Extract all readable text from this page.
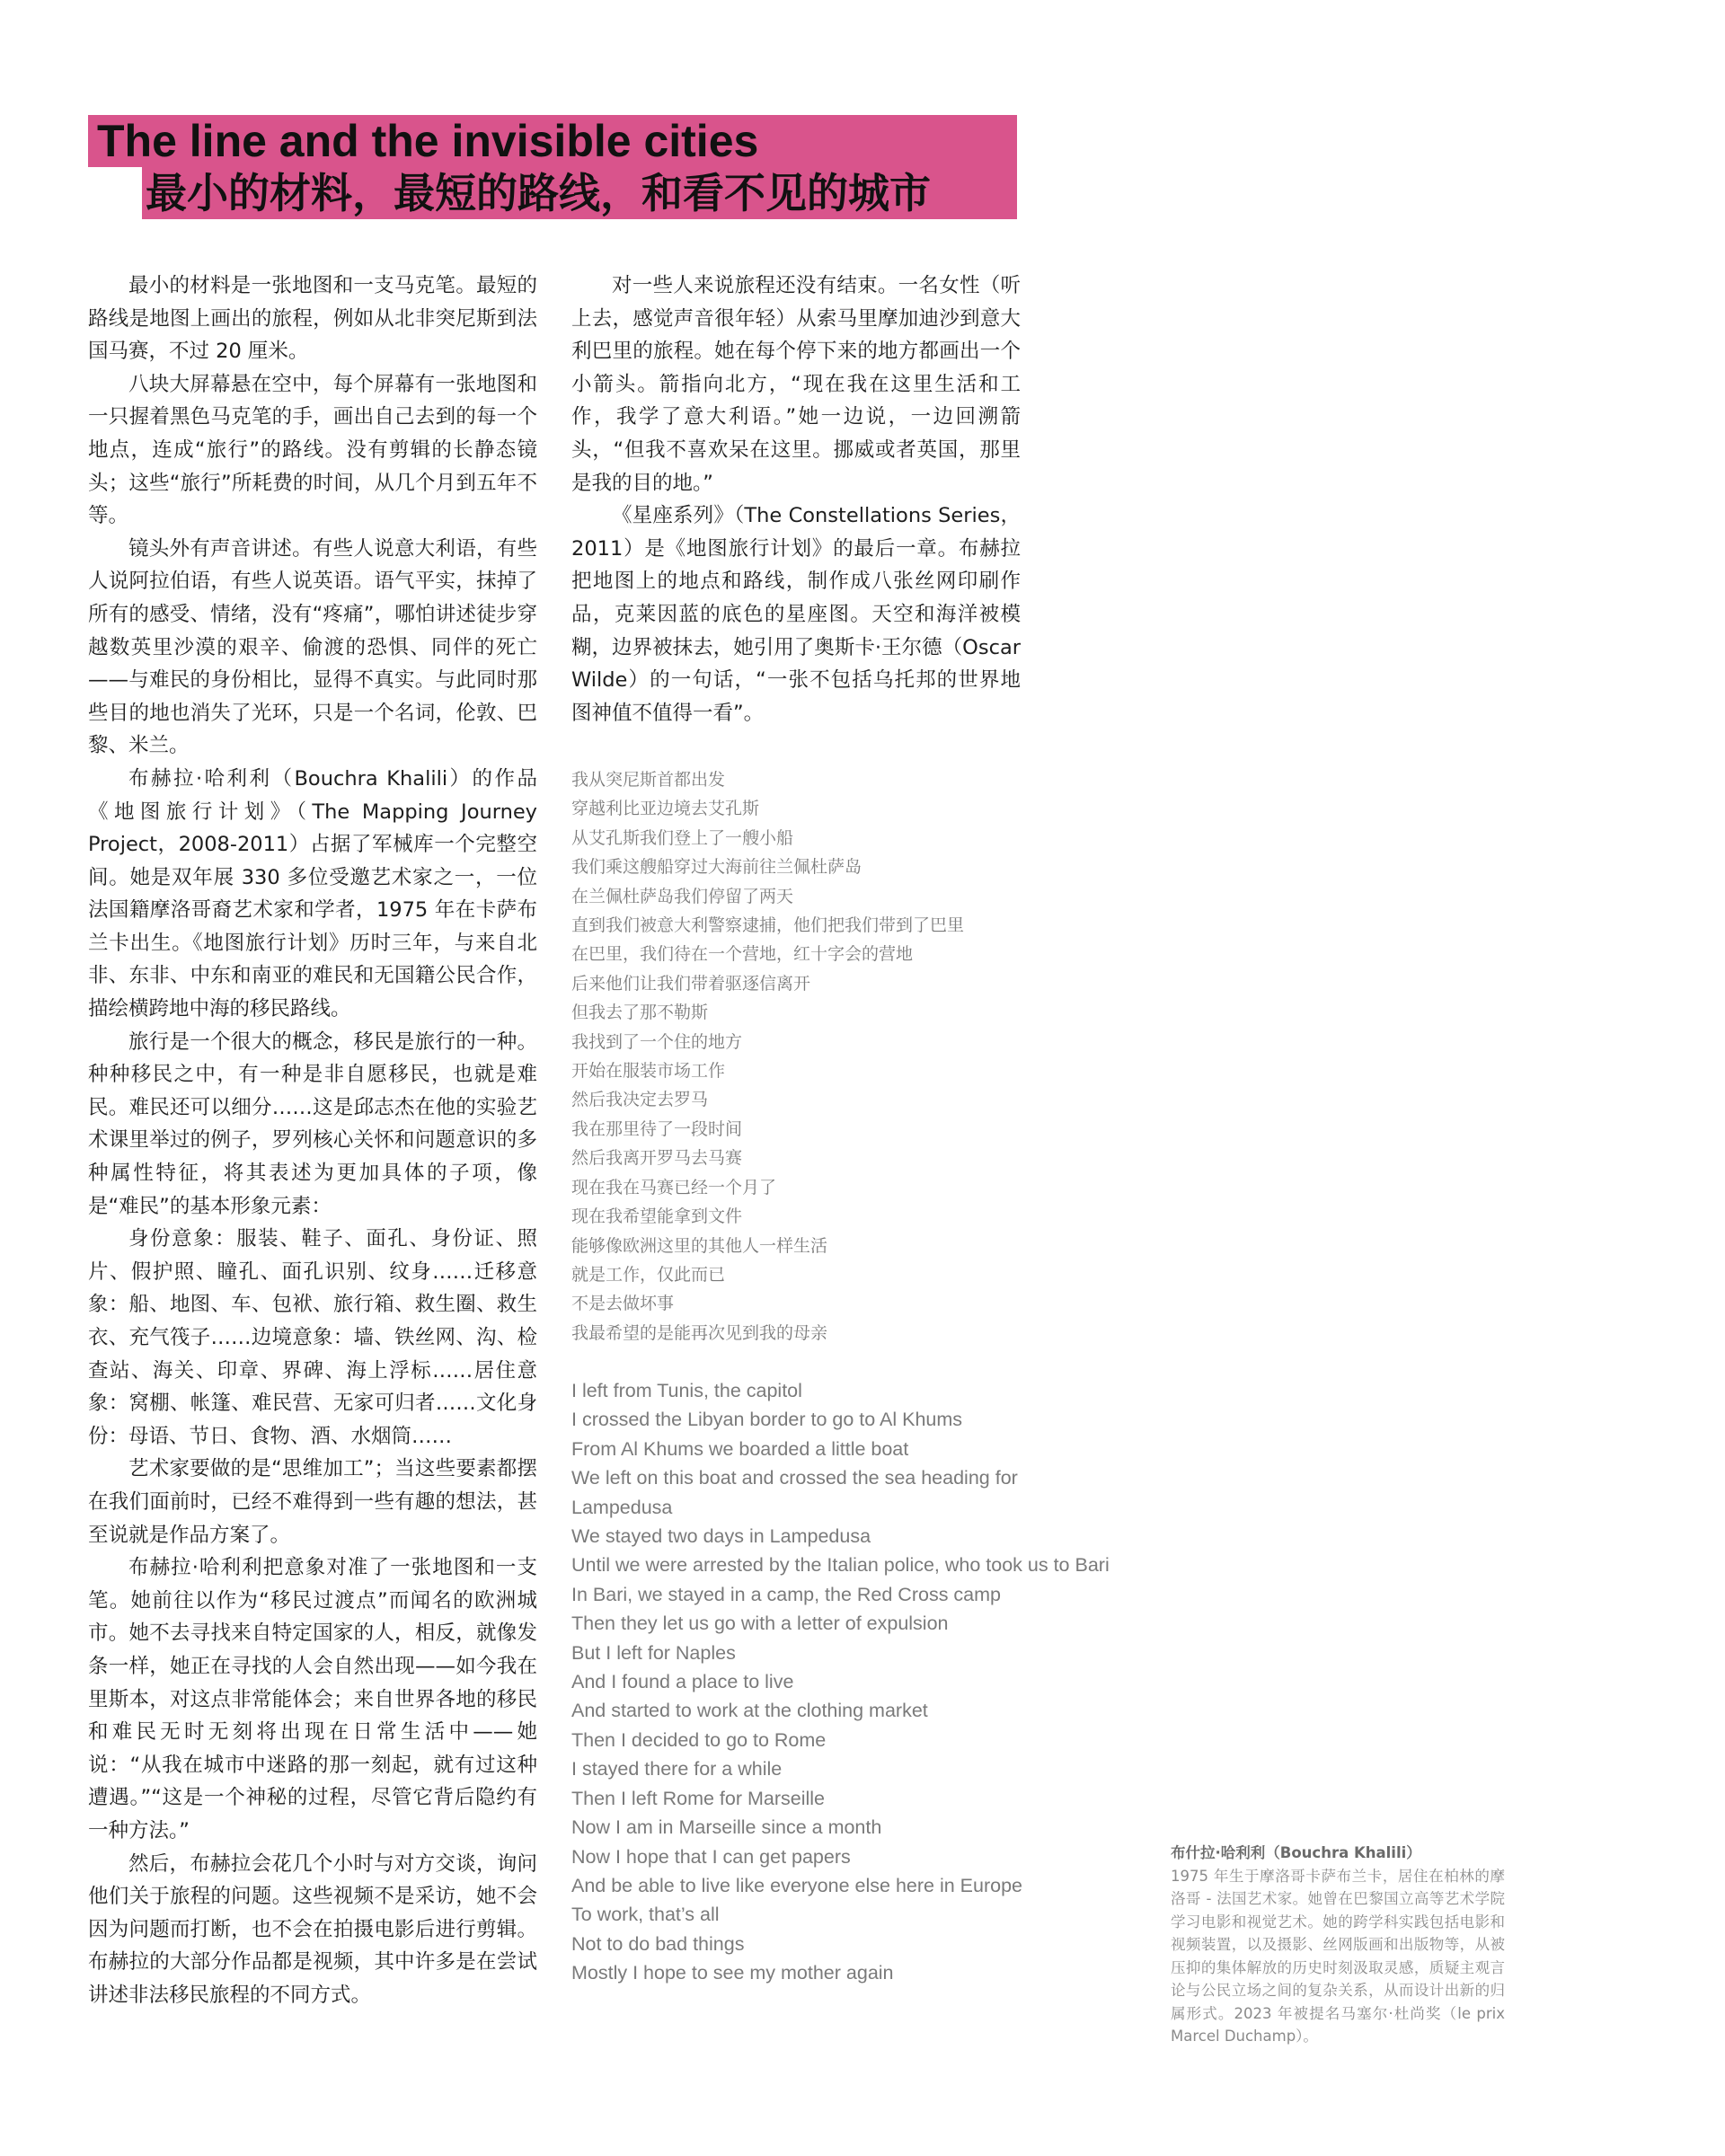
The line and the invisible cities
最小的材料，最短的路线，和看不见的城市

最小的材料是一张地图和一支马克笔。最短的路线是地图上画出的旅程，例如从北非突尼斯到法国马赛，不过 20 厘米。

八块大屏幕悬在空中，每个屏幕有一张地图和一只握着黑色马克笔的手，画出自己去到的每一个地点，连成“旅行”的路线。没有剪辑的长静态镜头；这些“旅行”所耗费的时间，从几个月到五年不等。

镜头外有声音讲述。有些人说意大利语，有些人说阿拉伯语，有些人说英语。语气平实，抹掉了所有的感受、情绪，没有“疼痛”，哪怕讲述徒步穿越数英里沙漠的艰辛、偷渡的恐惧、同伴的死亡——与难民的身份相比，显得不真实。与此同时那些目的地也消失了光环，只是一个名词，伦敦、巴黎、米兰。

布赫拉·哈利利（Bouchra Khalili）的作品《地图旅行计划》（The Mapping Journey Project，2008-2011）占据了军械库一个完整空间。她是双年展 330 多位受邀艺术家之一，一位法国籍摩洛哥裔艺术家和学者，1975 年在卡萨布兰卡出生。《地图旅行计划》历时三年，与来自北非、东非、中东和南亚的难民和无国籍公民合作，描绘横跨地中海的移民路线。

旅行是一个很大的概念，移民是旅行的一种。种种移民之中，有一种是非自愿移民，也就是难民。难民还可以细分……这是邱志杰在他的实验艺术课里举过的例子，罗列核心关怀和问题意识的多种属性特征，将其表述为更加具体的子项，像是“难民”的基本形象元素：

身份意象：服装、鞋子、面孔、身份证、照片、假护照、瞳孔、面孔识别、纹身……迁移意象：船、地图、车、包袱、旅行箱、救生圈、救生衣、充气筏子……边境意象：墙、铁丝网、沟、检查站、海关、印章、界碑、海上浮标……居住意象：窝棚、帐篷、难民营、无家可归者……文化身份：母语、节日、食物、酒、水烟筒……

艺术家要做的是“思维加工”；当这些要素都摆在我们面前时，已经不难得到一些有趣的想法，甚至说就是作品方案了。

布赫拉·哈利利把意象对准了一张地图和一支笔。她前往以作为“移民过渡点”而闻名的欧洲城市。她不去寻找来自特定国家的人，相反，就像发条一样，她正在寻找的人会自然出现——如今我在里斯本，对这点非常能体会；来自世界各地的移民和难民无时无刻将出现在日常生活中——她说：“从我在城市中迷路的那一刻起，就有过这种遭遇。”“这是一个神秘的过程，尽管它背后隐约有一种方法。”

然后，布赫拉会花几个小时与对方交谈，询问他们关于旅程的问题。这些视频不是采访，她不会因为问题而打断，也不会在拍摄电影后进行剪辑。布赫拉的大部分作品都是视频，其中许多是在尝试讲述非法移民旅程的不同方式。

对一些人来说旅程还没有结束。一名女性（听上去，感觉声音很年轻）从索马里摩加迪沙到意大利巴里的旅程。她在每个停下来的地方都画出一个小箭头。箭指向北方，“现在我在这里生活和工作，我学了意大利语。”她一边说，一边回溯箭头，“但我不喜欢呆在这里。挪威或者英国，那里是我的目的地。”

《星座系列》（The Constellations Series，2011）是《地图旅行计划》的最后一章。布赫拉把地图上的地点和路线，制作成八张丝网印刷作品，克莱因蓝的底色的星座图。天空和海洋被模糊，边界被抹去，她引用了奥斯卡·王尔德（Oscar Wilde）的一句话，“一张不包括乌托邦的世界地图神值不值得一看”。

我从突尼斯首都出发
穿越利比亚边境去艾孔斯
从艾孔斯我们登上了一艘小船
我们乘这艘船穿过大海前往兰佩杜萨岛
在兰佩杜萨岛我们停留了两天
直到我们被意大利警察逮捕，他们把我们带到了巴里
在巴里，我们待在一个营地，红十字会的营地
后来他们让我们带着驱逐信离开
但我去了那不勒斯
我找到了一个住的地方
开始在服装市场工作
然后我决定去罗马
我在那里待了一段时间
然后我离开罗马去马赛
现在我在马赛已经一个月了
现在我希望能拿到文件
能够像欧洲这里的其他人一样生活
就是工作，仅此而已
不是去做坏事
我最希望的是能再次见到我的母亲
I left from Tunis, the capitol
I crossed the Libyan border to go to Al Khums
From Al Khums we boarded a little boat
We left on this boat and crossed the sea heading for Lampedusa
We stayed two days in Lampedusa
Until we were arrested by the Italian police, who took us to Bari
In Bari, we stayed in a camp, the Red Cross camp
Then they let us go with a letter of expulsion
But I left for Naples
And I found a place to live
And started to work at the clothing market
Then I decided to go to Rome
I stayed there for a while
Then I left Rome for Marseille
Now I am in Marseille since a month
Now I hope that I can get papers
And be able to live like everyone else here in Europe
To work, that’s all
Not to do bad things
Mostly I hope to see my mother again
布什拉·哈利利（Bouchra Khalili）
1975 年生于摩洛哥卡萨布兰卡，居住在柏林的摩洛哥 - 法国艺术家。她曾在巴黎国立高等艺术学院学习电影和视觉艺术。她的跨学科实践包括电影和视频装置，以及摄影、丝网版画和出版物等，从被压抑的集体解放的历史时刻汲取灵感，质疑主观言论与公民立场之间的复杂关系，从而设计出新的归属形式。2023 年被提名马塞尔·杜尚奖（le prix Marcel Duchamp）。
